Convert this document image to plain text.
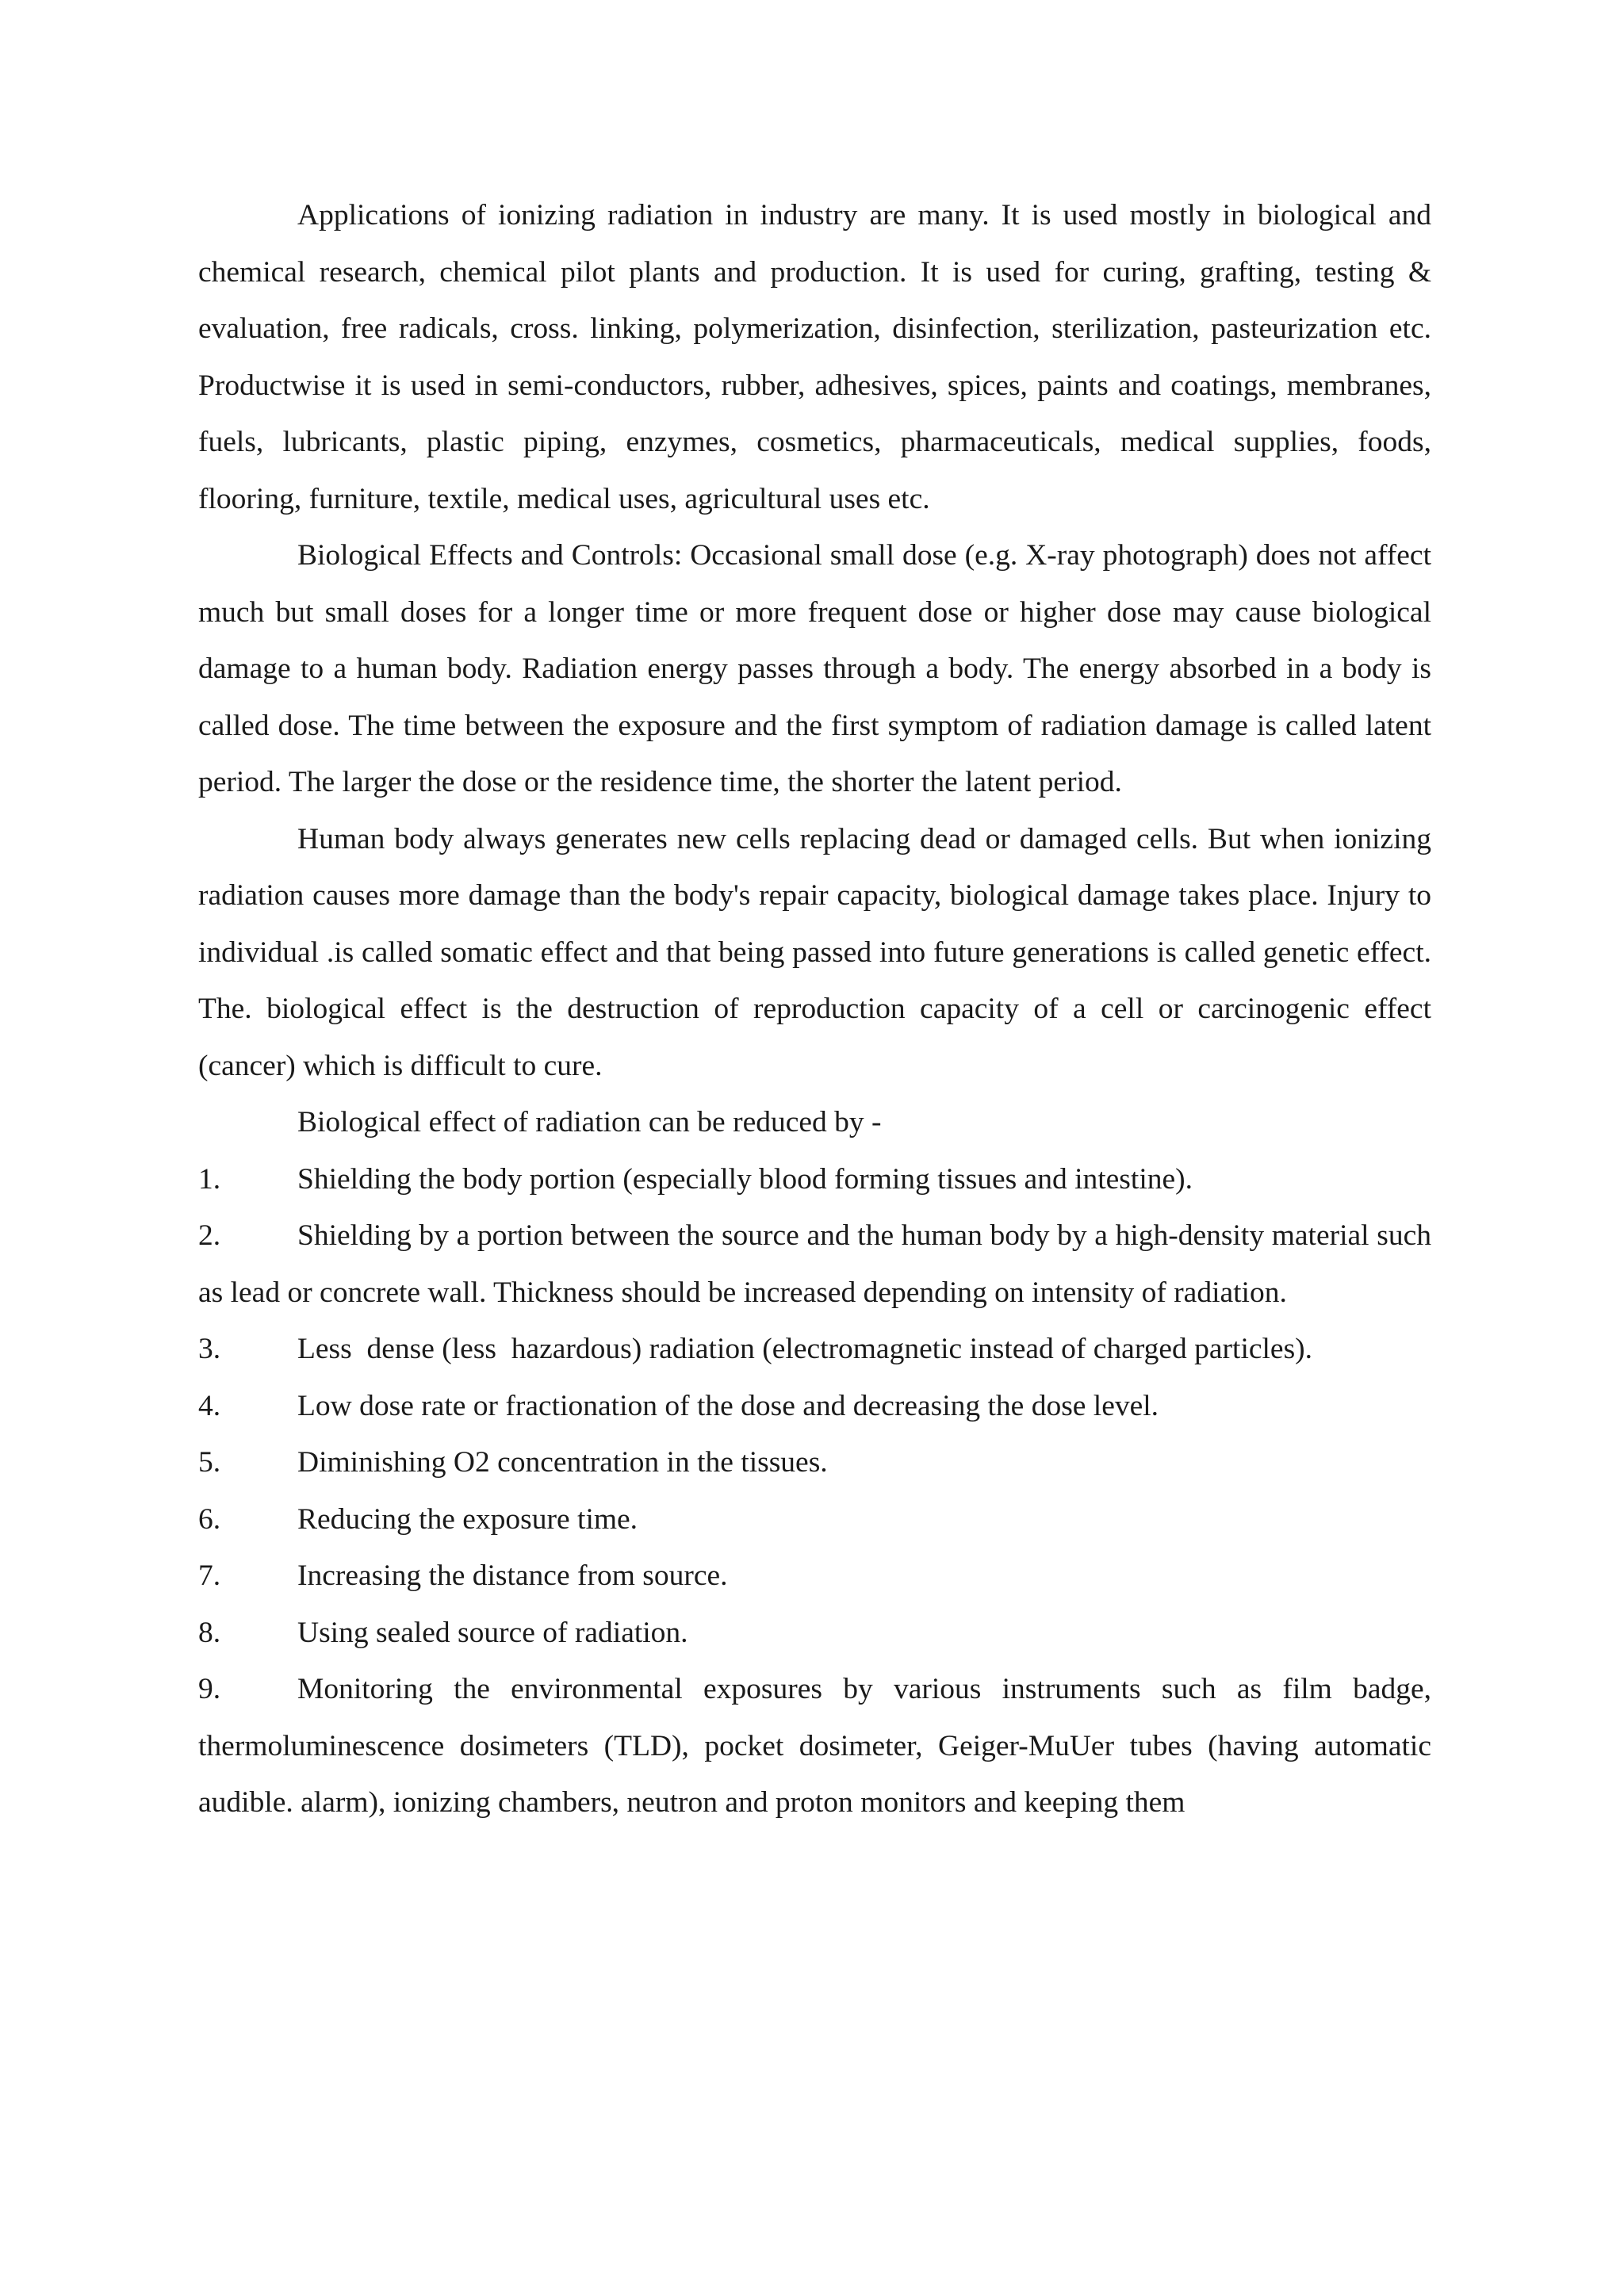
Applications of ionizing radiation in industry are many. It is used mostly in biological and chemical research, chemical pilot plants and production. It is used for curing, grafting, testing & evaluation, free radicals, cross. linking, polymerization, disinfection, sterilization, pasteurization etc. Productwise it is used in semi-conductors, rubber, adhesives, spices, paints and coatings, membranes, fuels, lubricants, plastic piping, enzymes, cosmetics, pharmaceuticals, medical supplies, foods, flooring, furniture, textile, medical uses, agricultural uses etc.

Biological Effects and Controls: Occasional small dose (e.g. X-ray photograph) does not affect much but small doses for a longer time or more frequent dose or higher dose may cause biological damage to a human body. Radiation energy passes through a body. The energy absorbed in a body is called dose. The time between the exposure and the first symptom of radiation damage is called latent period. The larger the dose or the residence time, the shorter the latent period.

Human body always generates new cells replacing dead or damaged cells. But when ionizing radiation causes more damage than the body's repair capacity, biological damage takes place. Injury to individual .is called somatic effect and that being passed into future generations is called genetic effect. The. biological effect is the destruction of reproduction capacity of a cell or carcinogenic effect (cancer) which is difficult to cure.

Biological effect of radiation can be reduced by -

1.	Shielding the body portion (especially blood forming tissues and intestine).

2.	Shielding by a portion between the source and the human body by a high-density material such as lead or concrete wall. Thickness should be increased depending on intensity of radiation.

3.	Less  dense (less  hazardous) radiation (electromagnetic instead of charged particles).

4.	Low dose rate or fractionation of the dose and decreasing the dose level.

5.	Diminishing O2 concentration in the tissues.

6.	Reducing the exposure time.

7.	Increasing the distance from source.

8.	Using sealed source of radiation.

9.	Monitoring the environmental exposures by various instruments such as film badge, thermoluminescence dosimeters (TLD), pocket dosimeter, Geiger-MuUer tubes (having automatic audible. alarm), ionizing chambers, neutron and proton monitors and keeping them
